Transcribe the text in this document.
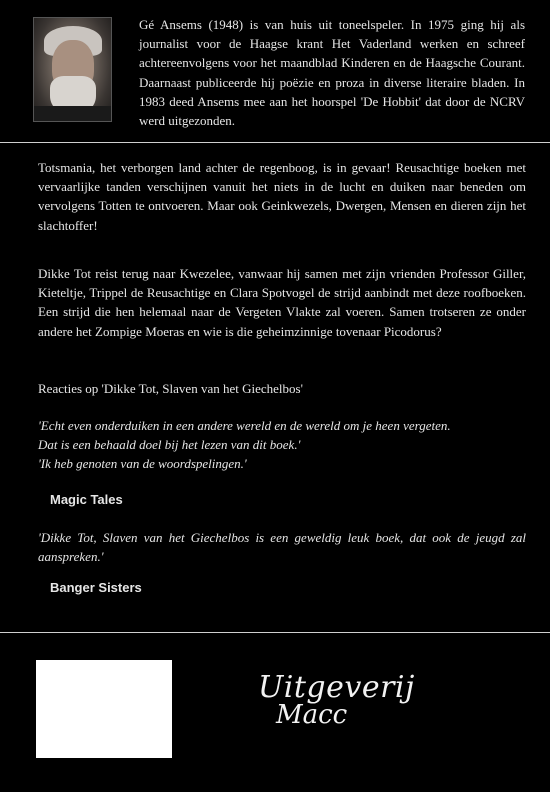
Gé Ansems (1948) is van huis uit toneelspeler. In 1975 ging hij als journalist voor de Haagse krant Het Vaderland werken en schreef achtereenvolgens voor het maandblad Kinderen en de Haagsche Courant. Daarnaast publiceerde hij poëzie en proza in diverse literaire bladen. In 1983 deed Ansems mee aan het hoorspel 'De Hobbit' dat door de NCRV werd uitgezonden.

Totsmania, het verborgen land achter de regenboog, is in gevaar! Reusachtige boeken met vervaarlijke tanden verschijnen vanuit het niets in de lucht en duiken naar beneden om vervolgens Totten te ontvoeren. Maar ook Geinkwezels, Dwergen, Mensen en dieren zijn het slachtoffer!

Dikke Tot reist terug naar Kwezelee, vanwaar hij samen met zijn vrienden Professor Giller, Kieteltje, Trippel de Reusachtige en Clara Spotvogel de strijd aanbindt met deze roofboeken. Een strijd die hen helemaal naar de Vergeten Vlakte zal voeren. Samen trotseren ze onder andere het Zompige Moeras en wie is die geheimzinnige tovenaar Picodorus?

Reacties op 'Dikke Tot, Slaven van het Giechelbos'

'Echt even onderduiken in een andere wereld en de wereld om je heen vergeten.
Dat is een behaald doel bij het lezen van dit boek.'
'Ik heb genoten van de woordspelingen.'

Magic Tales

'Dikke Tot, Slaven van het Giechelbos is een geweldig leuk boek, dat ook de jeugd zal aanspreken.'

Banger Sisters
Uitgeverij
Macc
